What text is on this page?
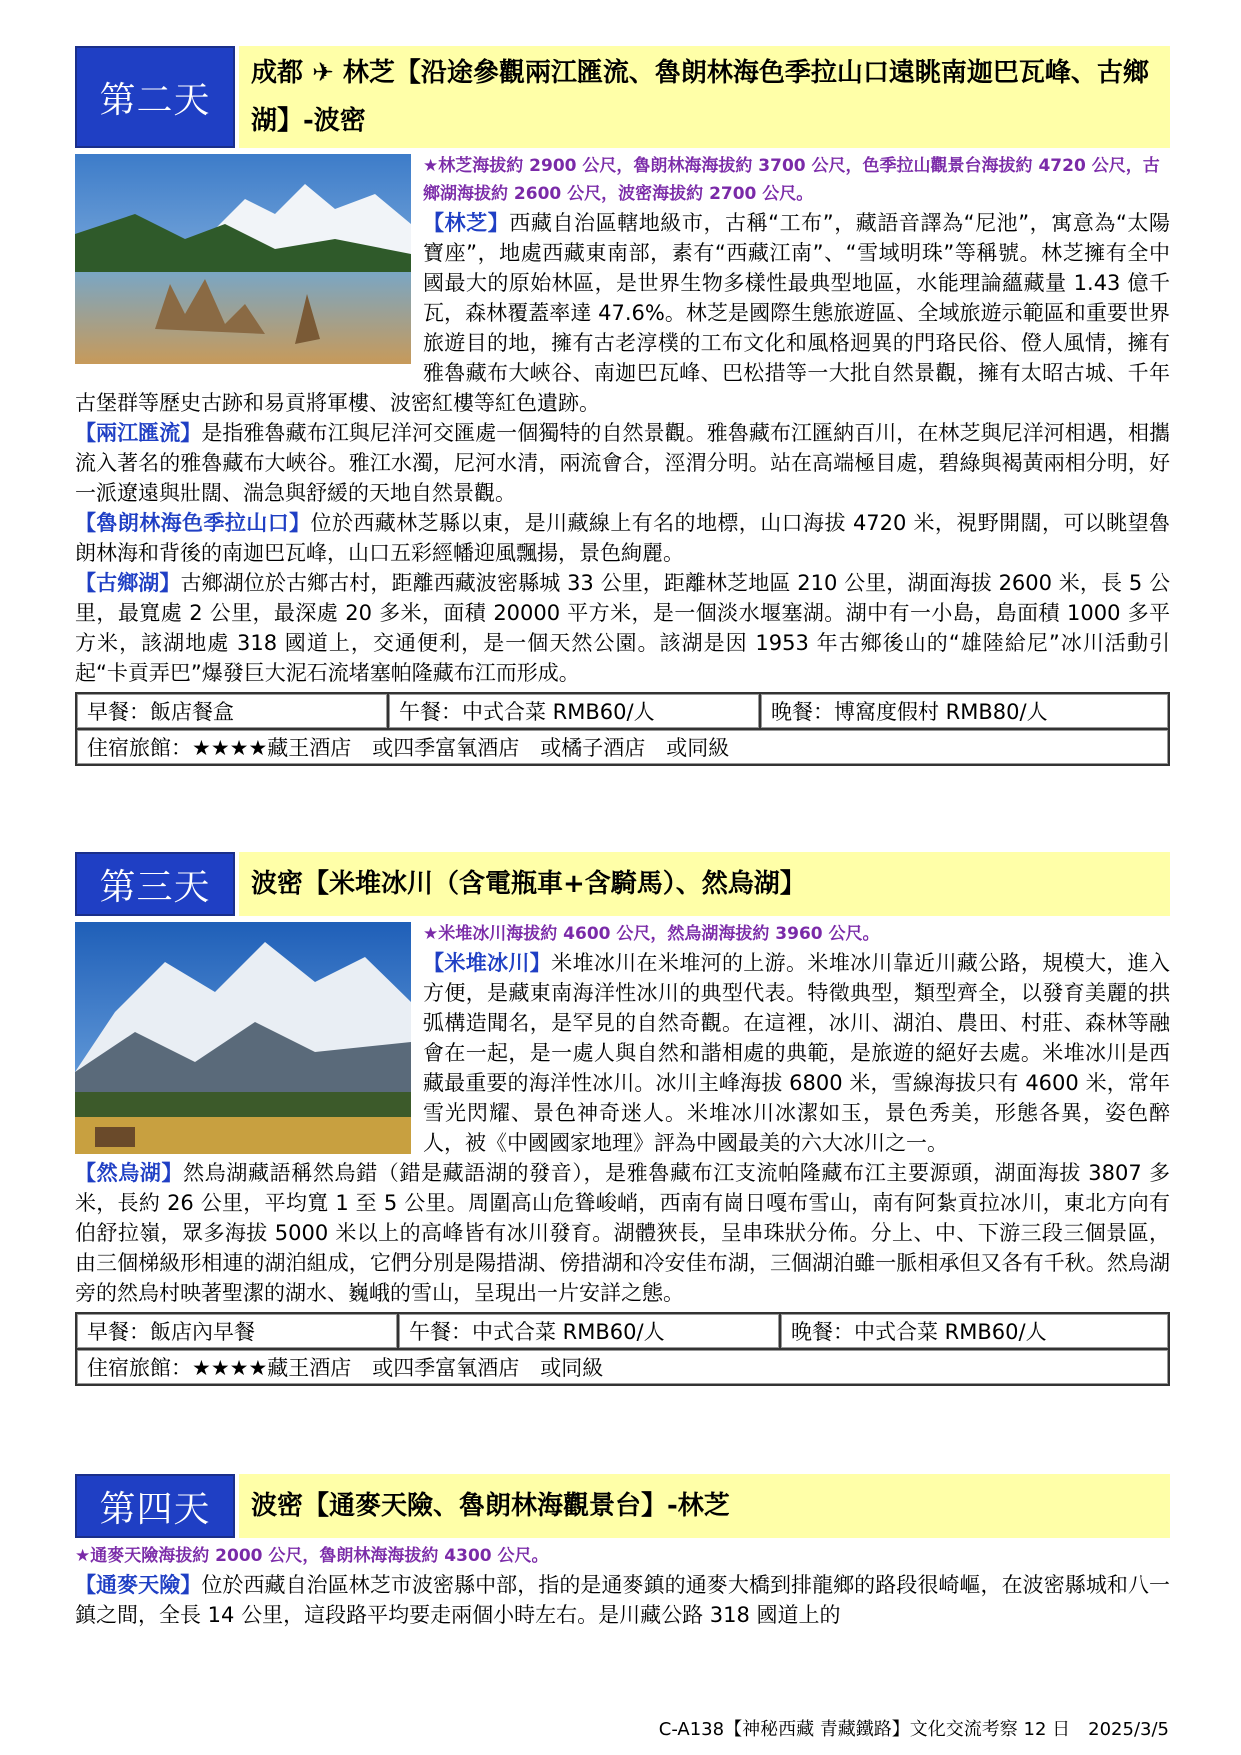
第二天
成都 ✈ 林芝【沿途參觀兩江匯流、魯朗林海色季拉山口遠眺南迦巴瓦峰、古鄉湖】-波密
★林芝海拔約 2900 公尺，魯朗林海海拔約 3700 公尺，色季拉山觀景台海拔約 4720 公尺，古鄉湖海拔約 2600 公尺，波密海拔約 2700 公尺。

【林芝】西藏自治區轄地級市，古稱“工布”，藏語音譯為“尼池”，寓意為“太陽寶座”，地處西藏東南部，素有“西藏江南”、“雪域明珠”等稱號。林芝擁有全中國最大的原始林區，是世界生物多樣性最典型地區，水能理論蘊藏量 1.43 億千瓦，森林覆蓋率達 47.6%。林芝是國際生態旅遊區、全域旅遊示範區和重要世界旅遊目的地，擁有古老淳樸的工布文化和風格迥異的門珞民俗、僜人風情，擁有雅魯藏布大峽谷、南迦巴瓦峰、巴松措等一大批自然景觀，擁有太昭古城、千年古堡群等歷史古跡和易貢將軍樓、波密紅樓等紅色遺跡。

【兩江匯流】是指雅魯藏布江與尼洋河交匯處一個獨特的自然景觀。雅魯藏布江匯納百川，在林芝與尼洋河相遇，相攜流入著名的雅魯藏布大峽谷。雅江水濁，尼河水清，兩流會合，涇渭分明。站在高端極目處，碧綠與褐黃兩相分明，好一派遼遠與壯闊、湍急與舒緩的天地自然景觀。

【魯朗林海色季拉山口】位於西藏林芝縣以東，是川藏線上有名的地標，山口海拔 4720 米，視野開闊，可以眺望魯朗林海和背後的南迦巴瓦峰，山口五彩經幡迎風飄揚，景色絢麗。

【古鄉湖】古鄉湖位於古鄉古村，距離西藏波密縣城 33 公里，距離林芝地區 210 公里，湖面海拔 2600 米，長 5 公里，最寬處 2 公里，最深處 20 多米，面積 20000 平方米，是一個淡水堰塞湖。湖中有一小島，島面積 1000 多平方米，該湖地處 318 國道上，交通便利，是一個天然公園。該湖是因 1953 年古鄉後山的“雄陸給尼”冰川活動引起“卡貢弄巴”爆發巨大泥石流堵塞帕隆藏布江而形成。

早餐：飯店餐盒	午餐：中式合菜 RMB60/人	晚餐：博窩度假村 RMB80/人
住宿旅館：★★★★藏王酒店　或四季富氧酒店　或橘子酒店　或同級
第三天	波密【米堆冰川（含電瓶車+含騎馬）、然烏湖】
★米堆冰川海拔約 4600 公尺，然烏湖海拔約 3960 公尺。

【米堆冰川】米堆冰川在米堆河的上游。米堆冰川靠近川藏公路，規模大，進入方便，是藏東南海洋性冰川的典型代表。特徵典型，類型齊全，以發育美麗的拱弧構造聞名，是罕見的自然奇觀。在這裡，冰川、湖泊、農田、村莊、森林等融會在一起，是一處人與自然和諧相處的典範，是旅遊的絕好去處。米堆冰川是西藏最重要的海洋性冰川。冰川主峰海拔 6800 米，雪線海拔只有 4600 米，常年雪光閃耀、景色神奇迷人。米堆冰川冰潔如玉，景色秀美，形態各異，姿色醉人，被《中國國家地理》評為中國最美的六大冰川之一。

【然烏湖】然烏湖藏語稱然烏錯（錯是藏語湖的發音），是雅魯藏布江支流帕隆藏布江主要源頭，湖面海拔 3807 多米，長約 26 公里，平均寬 1 至 5 公里。周圍高山危聳峻峭，西南有崗日嘎布雪山，南有阿紮貢拉冰川，東北方向有伯舒拉嶺，眾多海拔 5000 米以上的高峰皆有冰川發育。湖體狹長，呈串珠狀分佈。分上、中、下游三段三個景區，由三個梯級形相連的湖泊組成，它們分別是陽措湖、傍措湖和冷安佳布湖，三個湖泊雖一脈相承但又各有千秋。然烏湖旁的然烏村映著聖潔的湖水、巍峨的雪山，呈現出一片安詳之態。

早餐：飯店內早餐	午餐：中式合菜 RMB60/人	晚餐：中式合菜 RMB60/人
住宿旅館：★★★★藏王酒店　或四季富氧酒店　或同級
第四天	波密【通麥天險、魯朗林海觀景台】-林芝
★通麥天險海拔約 2000 公尺，魯朗林海海拔約 4300 公尺。

【通麥天險】位於西藏自治區林芝市波密縣中部，指的是通麥鎮的通麥大橋到排龍鄉的路段很崎嶇，在波密縣城和八一鎮之間，全長 14 公里，這段路平均要走兩個小時左右。是川藏公路 318 國道上的

C-A138【神秘西藏 青藏鐵路】文化交流考察 12 日　2025/3/5
